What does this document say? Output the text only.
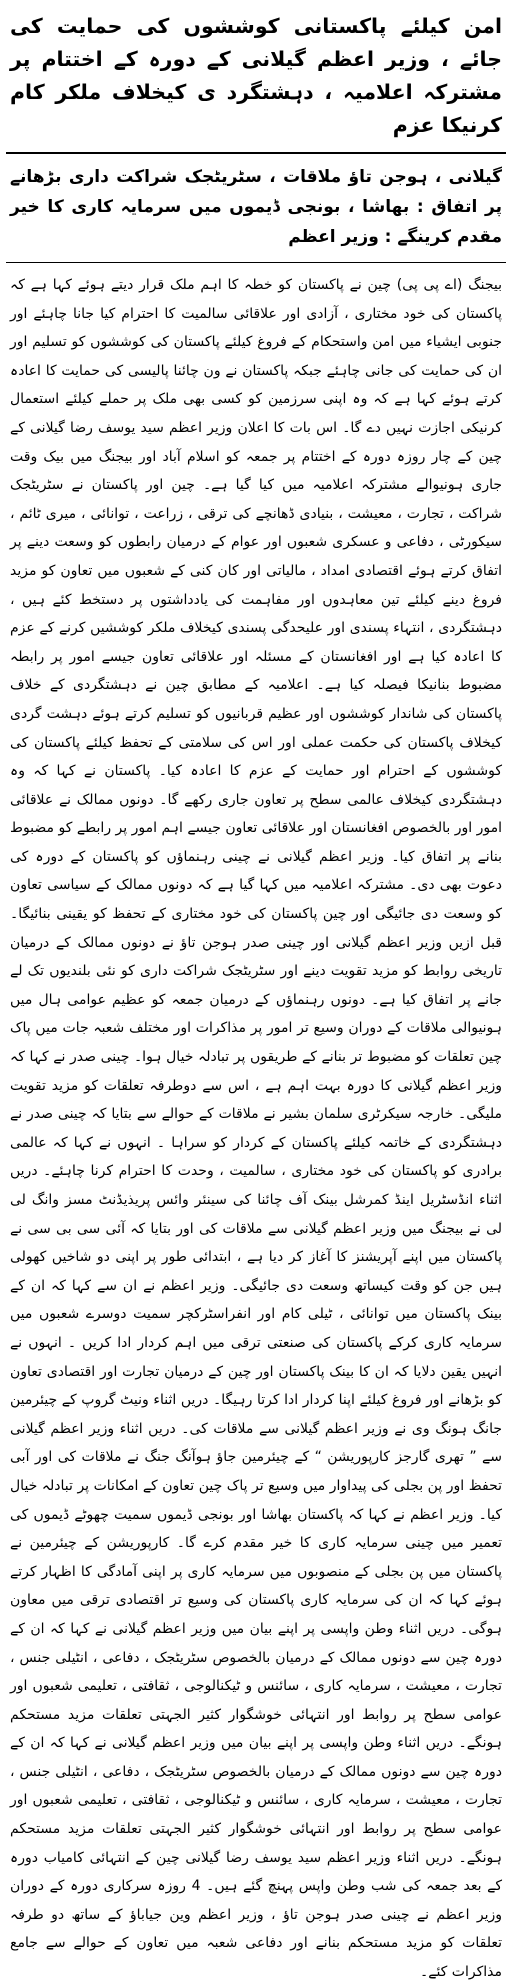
امن کیلئے پاکستانی کوششوں کی حمایت کی جائے ، وزیر اعظم گیلانی کے دورہ کے اختتام پر مشترکہ اعلامیہ ، دہشتگرد ی کیخلاف ملکر کام کرنیکا عزم
گیلانی ، ہوجن تاؤ ملاقات ، سٹریٹجک شراکت داری بڑھانے پر اتفاق : بھاشا ، بونجی ڈیموں میں سرمایہ کاری کا خیر مقدم کرینگے : وزیر اعظم

بیجنگ (اے پی پی) چین نے پاکستان کو خطہ کا اہم ملک قرار دیتے ہوئے کہا ہے کہ پاکستان کی خود مختاری ، آزادی اور علاقائی سالمیت کا احترام کیا جانا چاہئے اور جنوبی ایشیاء میں امن واستحکام کے فروغ کیلئے پاکستان کی کوششوں کو تسلیم اور ان کی حمایت کی جانی چاہئے جبکہ پاکستان نے ون چائنا پالیسی کی حمایت کا اعادہ کرتے ہوئے کہا ہے کہ وہ اپنی سرزمین کو کسی بھی ملک پر حملے کیلئے استعمال کرنیکی اجازت نہیں دے گا۔ اس بات کا اعلان وزیر اعظم سید یوسف رضا گیلانی کے چین کے چار روزہ دورہ کے اختتام پر جمعہ کو اسلام آباد اور بیجنگ میں بیک وقت جاری ہونیوالے مشترکہ اعلامیہ میں کیا گیا ہے۔ چین اور پاکستان نے سٹریٹجک شراکت ، تجارت ، معیشت ، بنیادی ڈھانچے کی ترقی ، زراعت ، توانائی ، میری ٹائم ، سیکورٹی ، دفاعی و عسکری شعبوں اور عوام کے درمیان رابطوں کو وسعت دینے پر اتفاق کرتے ہوئے اقتصادی امداد ، مالیاتی اور کان کنی کے شعبوں میں تعاون کو مزید فروغ دینے کیلئے تین معاہدوں اور مفاہمت کی یادداشتوں پر دستخط کئے ہیں ، دہشتگردی ، انتہاء پسندی اور علیحدگی پسندی کیخلاف ملکر کوششیں کرنے کے عزم کا اعادہ کیا ہے اور افغانستان کے مسئلہ اور علاقائی تعاون جیسے امور پر رابطہ مضبوط بنانیکا فیصلہ کیا ہے۔ اعلامیہ کے مطابق چین نے دہشتگردی کے خلاف پاکستان کی شاندار کوششوں اور عظیم قربانیوں کو تسلیم کرتے ہوئے دہشت گردی کیخلاف پاکستان کی حکمت عملی اور اس کی سلامتی کے تحفظ کیلئے پاکستان کی کوششوں کے احترام اور حمایت کے عزم کا اعادہ کیا۔ پاکستان نے کہا کہ وہ دہشتگردی کیخلاف عالمی سطح پر تعاون جاری رکھے گا۔ دونوں ممالک نے علاقائی امور اور بالخصوص افغانستان اور علاقائی تعاون جیسے اہم امور پر رابطے کو مضبوط بنانے پر اتفاق کیا۔ وزیر اعظم گیلانی نے چینی رہنماؤں کو پاکستان کے دورہ کی دعوت بھی دی۔ مشترکہ اعلامیہ میں کہا گیا ہے کہ دونوں ممالک کے سیاسی تعاون کو وسعت دی جائیگی اور چین پاکستان کی خود مختاری کے تحفظ کو یقینی بنائیگا۔ قبل ازیں وزیر اعظم گیلانی اور چینی صدر ہوجن تاؤ نے دونوں ممالک کے درمیان تاریخی روابط کو مزید تقویت دینے اور سٹریٹجک شراکت داری کو نئی بلندیوں تک لے جانے پر اتفاق کیا ہے۔ دونوں رہنماؤں کے درمیان جمعہ کو عظیم عوامی ہال میں ہونیوالی ملاقات کے دوران وسیع تر امور پر مذاکرات اور مختلف شعبہ جات میں پاک چین تعلقات کو مضبوط تر بنانے کے طریقوں پر تبادلہ خیال ہوا۔ چینی صدر نے کہا کہ وزیر اعظم گیلانی کا دورہ بہت اہم ہے ، اس سے دوطرفہ تعلقات کو مزید تقویت ملیگی۔ خارجہ سیکرٹری سلمان بشیر نے ملاقات کے حوالے سے بتایا کہ چینی صدر نے دہشتگردی کے خاتمہ کیلئے پاکستان کے کردار کو سراہا ۔ انہوں نے کہا کہ عالمی برادری کو پاکستان کی خود مختاری ، سالمیت ، وحدت کا احترام کرنا چاہئے۔ دریں اثناء انڈسٹریل اینڈ کمرشل بینک آف چائنا کی سینئر وائس پریذیڈنٹ مسز وانگ لی لی نے بیجنگ میں وزیر اعظم گیلانی سے ملاقات کی اور بتایا کہ آئی سی بی سی نے پاکستان میں اپنے آپریشنز کا آغاز کر دیا ہے ، ابتدائی طور پر اپنی دو شاخیں کھولی ہیں جن کو وقت کیساتھ وسعت دی جائیگی۔ وزیر اعظم نے ان سے کہا کہ ان کے بینک پاکستان میں توانائی ، ٹیلی کام اور انفراسٹرکچر سمیت دوسرے شعبوں میں سرمایہ کاری کرکے پاکستان کی صنعتی ترقی میں اہم کردار ادا کریں ۔ انہوں نے انہیں یقین دلایا کہ ان کا بینک پاکستان اور چین کے درمیان تجارت اور اقتصادی تعاون کو بڑھانے اور فروغ کیلئے اپنا کردار ادا کرتا رہیگا۔ دریں اثناء ونیٹ گروپ کے چیئرمین جانگ ہونگ وی نے وزیر اعظم گیلانی سے ملاقات کی۔ دریں اثناء وزیر اعظم گیلانی سے ” تھری گارجز کارپوریشن “ کے چیئرمین جاؤ ہوآنگ جنگ نے ملاقات کی اور آبی تحفظ اور پن بجلی کی پیداوار میں وسیع تر پاک چین تعاون کے امکانات پر تبادلہ خیال کیا۔ وزیر اعظم نے کہا کہ پاکستان بھاشا اور بونجی ڈیموں سمیت چھوٹے ڈیموں کی تعمیر میں چینی سرمایہ کاری کا خیر مقدم کرے گا۔ کارپوریشن کے چیئرمین نے پاکستان میں پن بجلی کے منصوبوں میں سرمایہ کاری پر اپنی آمادگی کا اظہار کرتے ہوئے کہا کہ ان کی سرمایہ کاری پاکستان کی وسیع تر اقتصادی ترقی میں معاون ہوگی۔ دریں اثناء وطن واپسی پر اپنے بیان میں وزیر اعظم گیلانی نے کہا کہ ان کے دورہ چین سے دونوں ممالک کے درمیان بالخصوص سٹریٹجک ، دفاعی ، انٹیلی جنس ، تجارت ، معیشت ، سرمایہ کاری ، سائنس و ٹیکنالوجی ، ثقافتی ، تعلیمی شعبوں اور عوامی سطح پر روابط اور انتہائی خوشگوار کثیر الجہتی تعلقات مزید مستحکم ہونگے۔ دریں اثناء وطن واپسی پر اپنے بیان میں وزیر اعظم گیلانی نے کہا کہ ان کے دورہ چین سے دونوں ممالک کے درمیان بالخصوص سٹریٹجک ، دفاعی ، انٹیلی جنس ، تجارت ، معیشت ، سرمایہ کاری ، سائنس و ٹیکنالوجی ، ثقافتی ، تعلیمی شعبوں اور عوامی سطح پر روابط اور انتہائی خوشگوار کثیر الجہتی تعلقات مزید مستحکم ہونگے۔ دریں اثناء وزیر اعظم سید یوسف رضا گیلانی چین کے انتہائی کامیاب دورہ کے بعد جمعہ کی شب وطن واپس پہنچ گئے ہیں۔ 4 روزہ سرکاری دورہ کے دوران وزیر اعظم نے چینی صدر ہوجن تاؤ ، وزیر اعظم وین جیاباؤ کے ساتھ دو طرفہ تعلقات کو مزید مستحکم بنانے اور دفاعی شعبہ میں تعاون کے حوالے سے جامع مذاکرات کئے۔
